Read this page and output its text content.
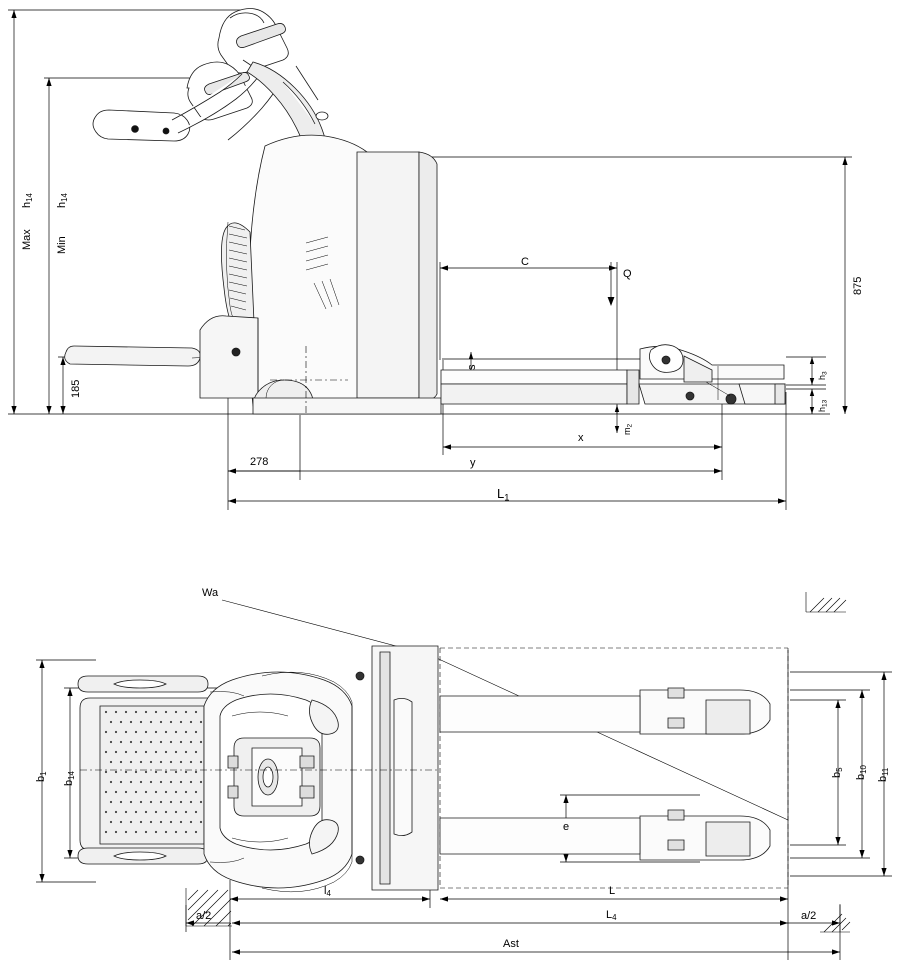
$h_{14}$
Max
$h_{14}$
Min
875
185
278
C
Q
s
$h_3$
$h_{13}$
$m_2$
x
y
$L_1$
Wa
$b_1$
$b_{14}$
e
$b_5$
$b_{10}$
$b_{11}$
$l_4$	L
$L_4$
a/2	a/2
Ast
